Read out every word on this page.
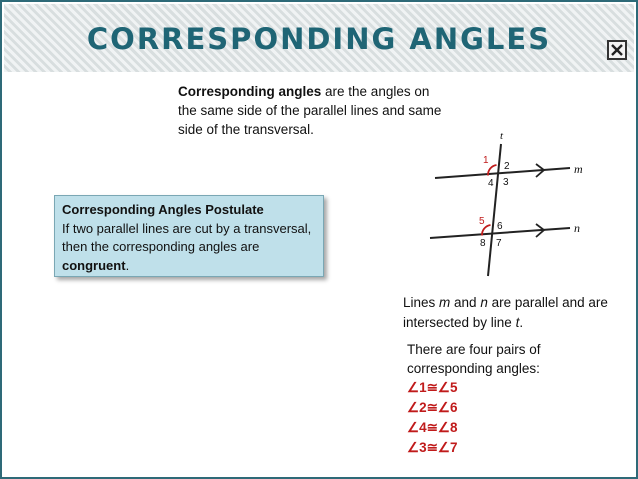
CORRESPONDING ANGLES
Corresponding angles are the angles on the same side of the parallel lines and same side of the transversal.
Corresponding Angles Postulate
If two parallel lines are cut by a transversal, then the corresponding angles are congruent.
t
m
n
1
2
3
4
5 6
7
8
Lines m and n are parallel and are intersected by line t.
There are four pairs of corresponding angles:
∠1≅∠5
∠2≅∠6
∠4≅∠8
∠3≅∠7
